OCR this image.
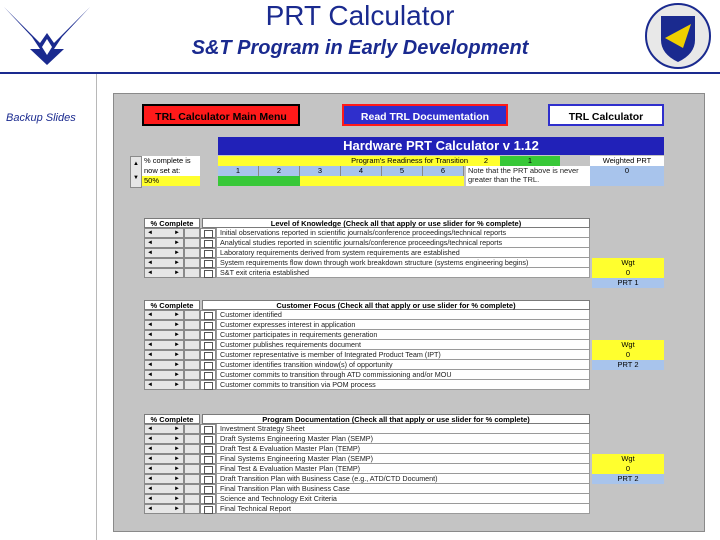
PRT Calculator
S&T Program in Early Development
Backup Slides	TRL Calculator Main Menu	Read TRL Documentation	TRL Calculator
Hardware PRT Calculator v 1.12
▲
▼
% complete is
now set at:
50%
Program's Readiness for Transition	2	1
1	2	3	4	5	6	Note that the PRT above is never greater than the TRL.
Weighted PRT
0
% Complete	Level of Knowledge (Check all that apply or use slider for % complete)
◄	►	Initial observations reported in scientific journals/conference proceedings/technical reports
◄	►	Analytical studies reported in scientific journals/conference proceedings/technical reports
◄	►	Laboratory requirements derived from system requirements are established
◄	►	System requirements flow down through work breakdown structure (systems engineering begins)
◄	►	S&T exit criteria established
Wgt
0
PRT 1
% Complete	Customer Focus (Check all that apply or use slider for % complete)
◄	►	Customer identified
◄	►	Customer expresses interest in application
◄	►	Customer participates in requirements generation
◄	►	Customer publishes requirements document
◄	►	Customer representative is member of Integrated Product Team (IPT)
◄	►	Customer identifies transition window(s) of opportunity
◄	►	Customer commits to transition through ATD commissioning and/or MOU
◄	►	Customer commits to transition via POM process
Wgt
0
PRT 2
% Complete	Program Documentation (Check all that apply or use slider for % complete)
◄	►	Investment Strategy Sheet
◄	►	Draft Systems Engineering Master Plan (SEMP)
◄	►	Draft Test & Evaluation Master Plan (TEMP)
◄	►	Final Systems Engineering Master Plan (SEMP)
◄	►	Final Test & Evaluation Master Plan (TEMP)
◄	►	Draft Transition Plan with Business Case (e.g., ATD/CTD Document)
◄	►	Final Transition Plan with Business Case
◄	►	Science and Technology Exit Criteria
◄	►	Final Technical Report
Wgt
0
PRT 2
